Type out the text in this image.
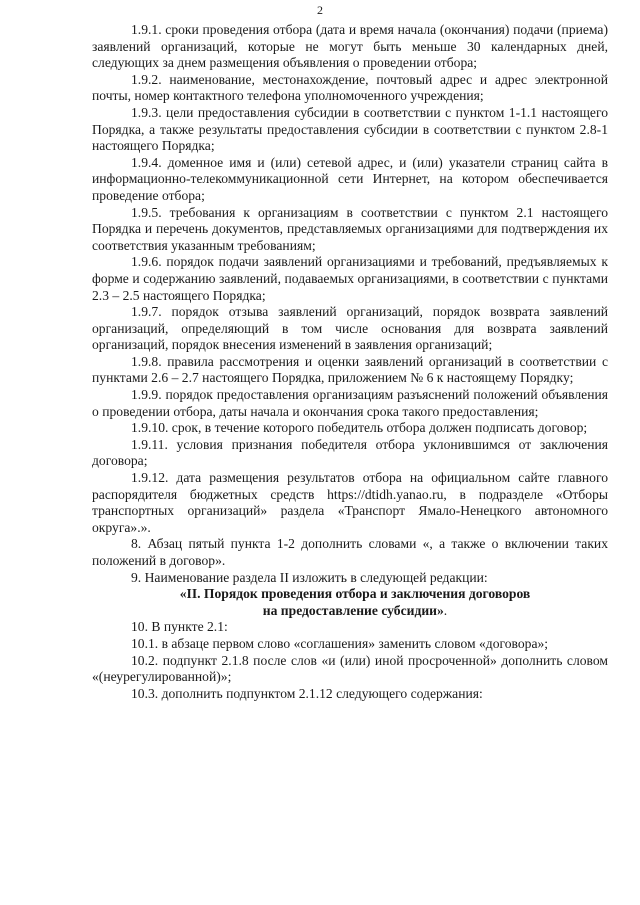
2

1.9.1. сроки проведения отбора (дата и время начала (окончания) подачи (приема) заявлений организаций, которые не могут быть меньше 30 календарных дней, следующих за днем размещения объявления о проведении отбора;

1.9.2. наименование, местонахождение, почтовый адрес и адрес электронной почты, номер контактного телефона уполномоченного учреждения;

1.9.3. цели предоставления субсидии в соответствии с пунктом 1-1.1 настоящего Порядка, а также результаты предоставления субсидии в соответствии с пунктом 2.8-1 настоящего Порядка;

1.9.4. доменное имя и (или) сетевой адрес, и (или) указатели страниц сайта в информационно-телекоммуникационной сети Интернет, на котором обеспечивается проведение отбора;

1.9.5. требования к организациям в соответствии с пунктом 2.1 настоящего Порядка и перечень документов, представляемых организациями для подтверждения их соответствия указанным требованиям;

1.9.6. порядок подачи заявлений организациями и требований, предъявляемых к форме и содержанию заявлений, подаваемых организациями, в соответствии с пунктами 2.3 – 2.5 настоящего Порядка;

1.9.7. порядок отзыва заявлений организаций, порядок возврата заявлений организаций, определяющий в том числе основания для возврата заявлений организаций, порядок внесения изменений в заявления организаций;

1.9.8. правила рассмотрения и оценки заявлений организаций в соответствии с пунктами 2.6 – 2.7 настоящего Порядка, приложением № 6 к настоящему Порядку;

1.9.9. порядок предоставления организациям разъяснений положений объявления о проведении отбора, даты начала и окончания срока такого предоставления;

1.9.10. срок, в течение которого победитель отбора должен подписать договор;

1.9.11. условия признания победителя отбора уклонившимся от заключения договора;

1.9.12. дата размещения результатов отбора на официальном сайте главного распорядителя бюджетных средств https://dtidh.yanao.ru, в подразделе «Отборы транспортных организаций» раздела «Транспорт Ямало-Ненецкого автономного округа».».

8. Абзац пятый пункта 1-2 дополнить словами «, а также о включении таких положений в договор».

9. Наименование раздела II изложить в следующей редакции:

«II. Порядок проведения отбора и заключения договоров
на предоставление субсидии».

10. В пункте 2.1:

10.1. в абзаце первом слово «соглашения» заменить словом «договора»;

10.2. подпункт 2.1.8 после слов «и (или) иной просроченной» дополнить словом «(неурегулированной)»;

10.3. дополнить подпунктом 2.1.12 следующего содержания:
